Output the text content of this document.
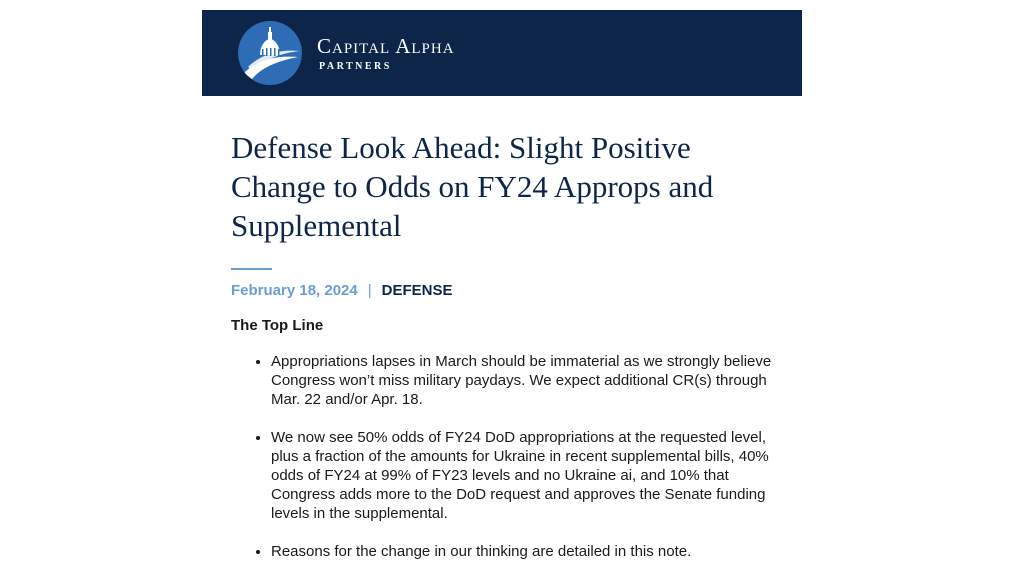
Capital Alpha
PARTNERS
Defense Look Ahead: Slight Positive Change to Odds on FY24 Approps and Supplemental
February 18, 2024 | DEFENSE
The Top Line
• Appropriations lapses in March should be immaterial as we strongly believe Congress won’t miss military paydays. We expect additional CR(s) through Mar. 22 and/or Apr. 18.
• We now see 50% odds of FY24 DoD appropriations at the requested level, plus a fraction of the amounts for Ukraine in recent supplemental bills, 40% odds of FY24 at 99% of FY23 levels and no Ukraine ai, and 10% that Congress adds more to the DoD request and approves the Senate funding levels in the supplemental.
• Reasons for the change in our thinking are detailed in this note.
